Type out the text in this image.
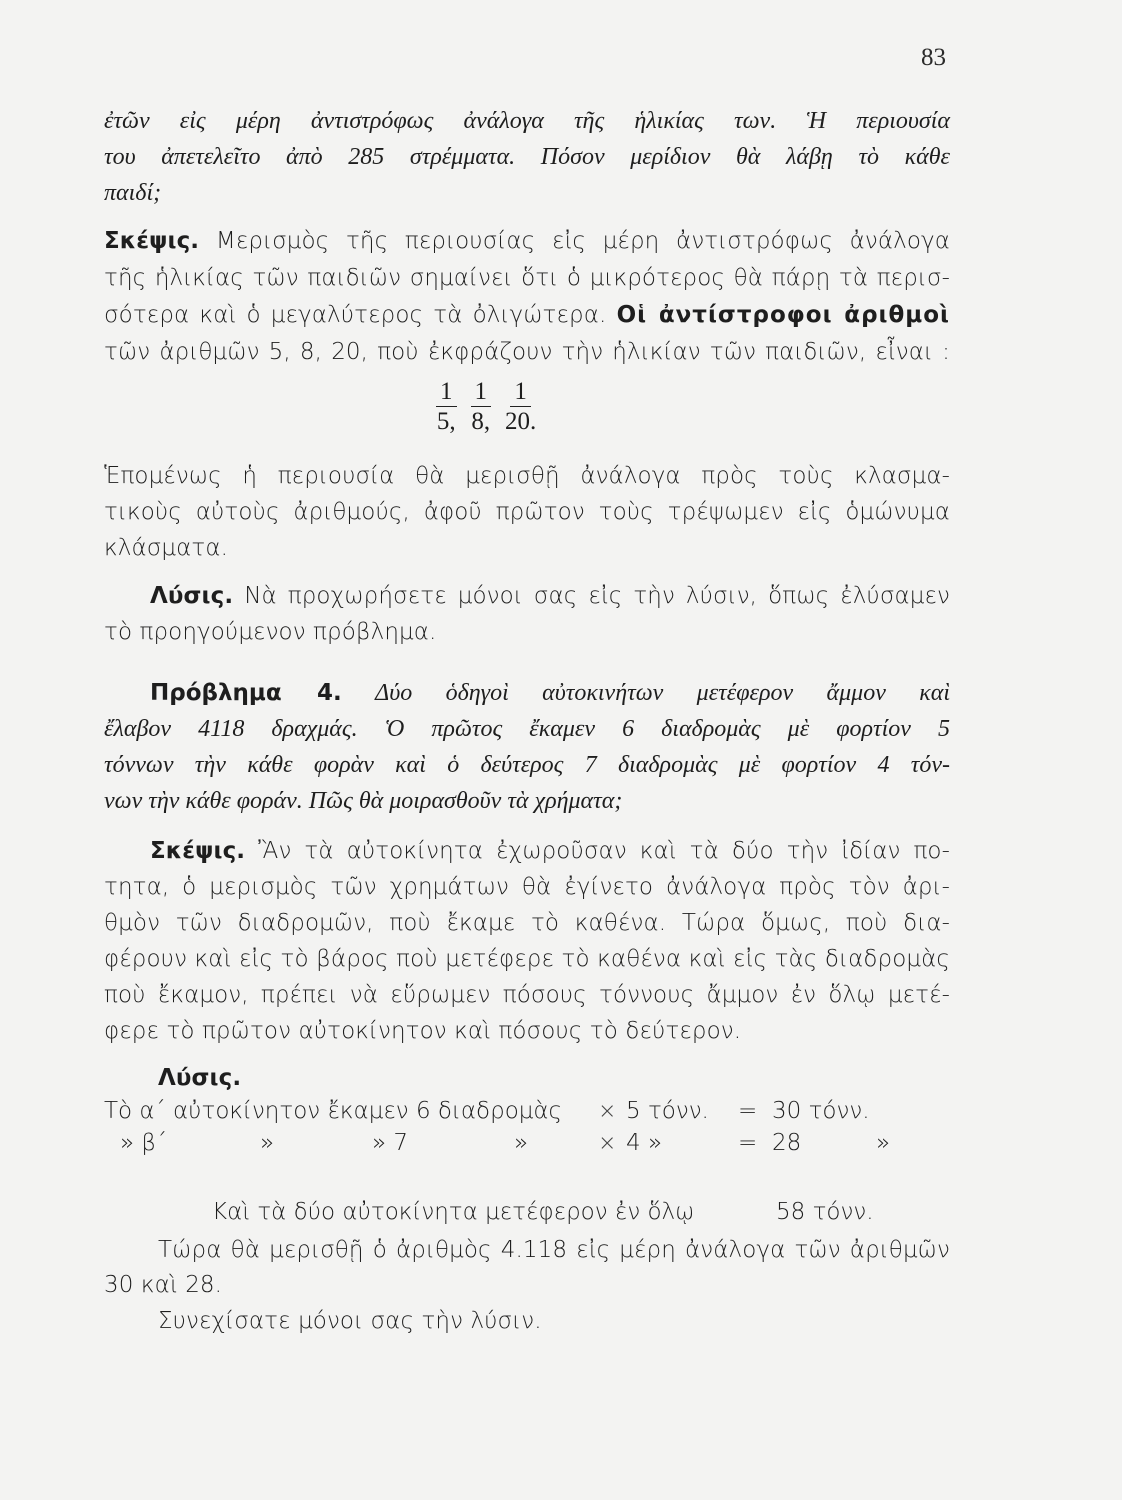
83
ἐτῶν εἰς μέρη ἀντιστρόφως ἀνάλογα τῆς ἡλικίας των. Ἡ περιουσία
του ἀπετελεῖτο ἀπὸ 285 στρέμματα. Πόσον μερίδιον θὰ λάβῃ τὸ κάθε
παιδί;
Σκέψις. Μερισμὸς τῆς περιουσίας εἰς μέρη ἀντιστρόφως ἀνάλογα
τῆς ἡλικίας τῶν παιδιῶν σημαίνει ὅτι ὁ μικρότερος θὰ πάρῃ τὰ περισ-
σότερα καὶ ὁ μεγαλύτερος τὰ ὀλιγώτερα. Οἱ ἀντίστροφοι ἀριθμοὶ
τῶν ἀριθμῶν 5, 8, 20, ποὺ ἐκφράζουν τὴν ἡλικίαν τῶν παιδιῶν, εἶναι :
$\frac{1}{5,} \frac{1}{8,} \frac{1}{20.}$
Ἑπομένως ἡ περιουσία θὰ μερισθῇ ἀνάλογα πρὸς τοὺς κλασμα-
τικοὺς αὐτοὺς ἀριθμούς, ἀφοῦ πρῶτον τοὺς τρέψωμεν εἰς ὁμώνυμα
κλάσματα.
Λύσις. Νὰ προχωρήσετε μόνοι σας εἰς τὴν λύσιν, ὅπως ἐλύσαμεν
τὸ προηγούμενον πρόβλημα.
Πρόβλημα 4. Δύο ὁδηγοὶ αὐτοκινήτων μετέφερον ἄμμον καὶ
ἔλαβον 4118 δραχμάς. Ὁ πρῶτος ἔκαμεν 6 διαδρομὰς μὲ φορτίον 5
τόννων τὴν κάθε φορὰν καὶ ὁ δεύτερος 7 διαδρομὰς μὲ φορτίον 4 τόν-
νων τὴν κάθε φοράν. Πῶς θὰ μοιρασθοῦν τὰ χρήματα;
Σκέψις. Ἂν τὰ αὐτοκίνητα ἐχωροῦσαν καὶ τὰ δύο τὴν ἰδίαν πο-
τητα, ὁ μερισμὸς τῶν χρημάτων θὰ ἐγίνετο ἀνάλογα πρὸς τὸν ἀρι-
θμὸν τῶν διαδρομῶν, ποὺ ἔκαμε τὸ καθένα. Τώρα ὅμως, ποὺ δια-
φέρουν καὶ εἰς τὸ βάρος ποὺ μετέφερε τὸ καθένα καὶ εἰς τὰς διαδρομὰς
ποὺ ἔκαμον, πρέπει νὰ εὕρωμεν πόσους τόννους ἄμμον ἐν ὅλῳ μετέ-
φερε τὸ πρῶτον αὐτοκίνητον καὶ πόσους τὸ δεύτερον.
Λύσις.
Τὸ α΄ αὐτοκίνητον ἔκαμεν 6 διαδρομὰς × 5 τόνν. = 30 τόνν.
» β΄	»	» 7	»	× 4 »	= 28	»
Καὶ τὰ δύο αὐτοκίνητα μετέφερον ἐν ὅλῳ	58 τόνν.
Τώρα θὰ μερισθῇ ὁ ἀριθμὸς 4.118 εἰς μέρη ἀνάλογα τῶν ἀριθμῶν
30 καὶ 28.
Συνεχίσατε μόνοι σας τὴν λύσιν.
